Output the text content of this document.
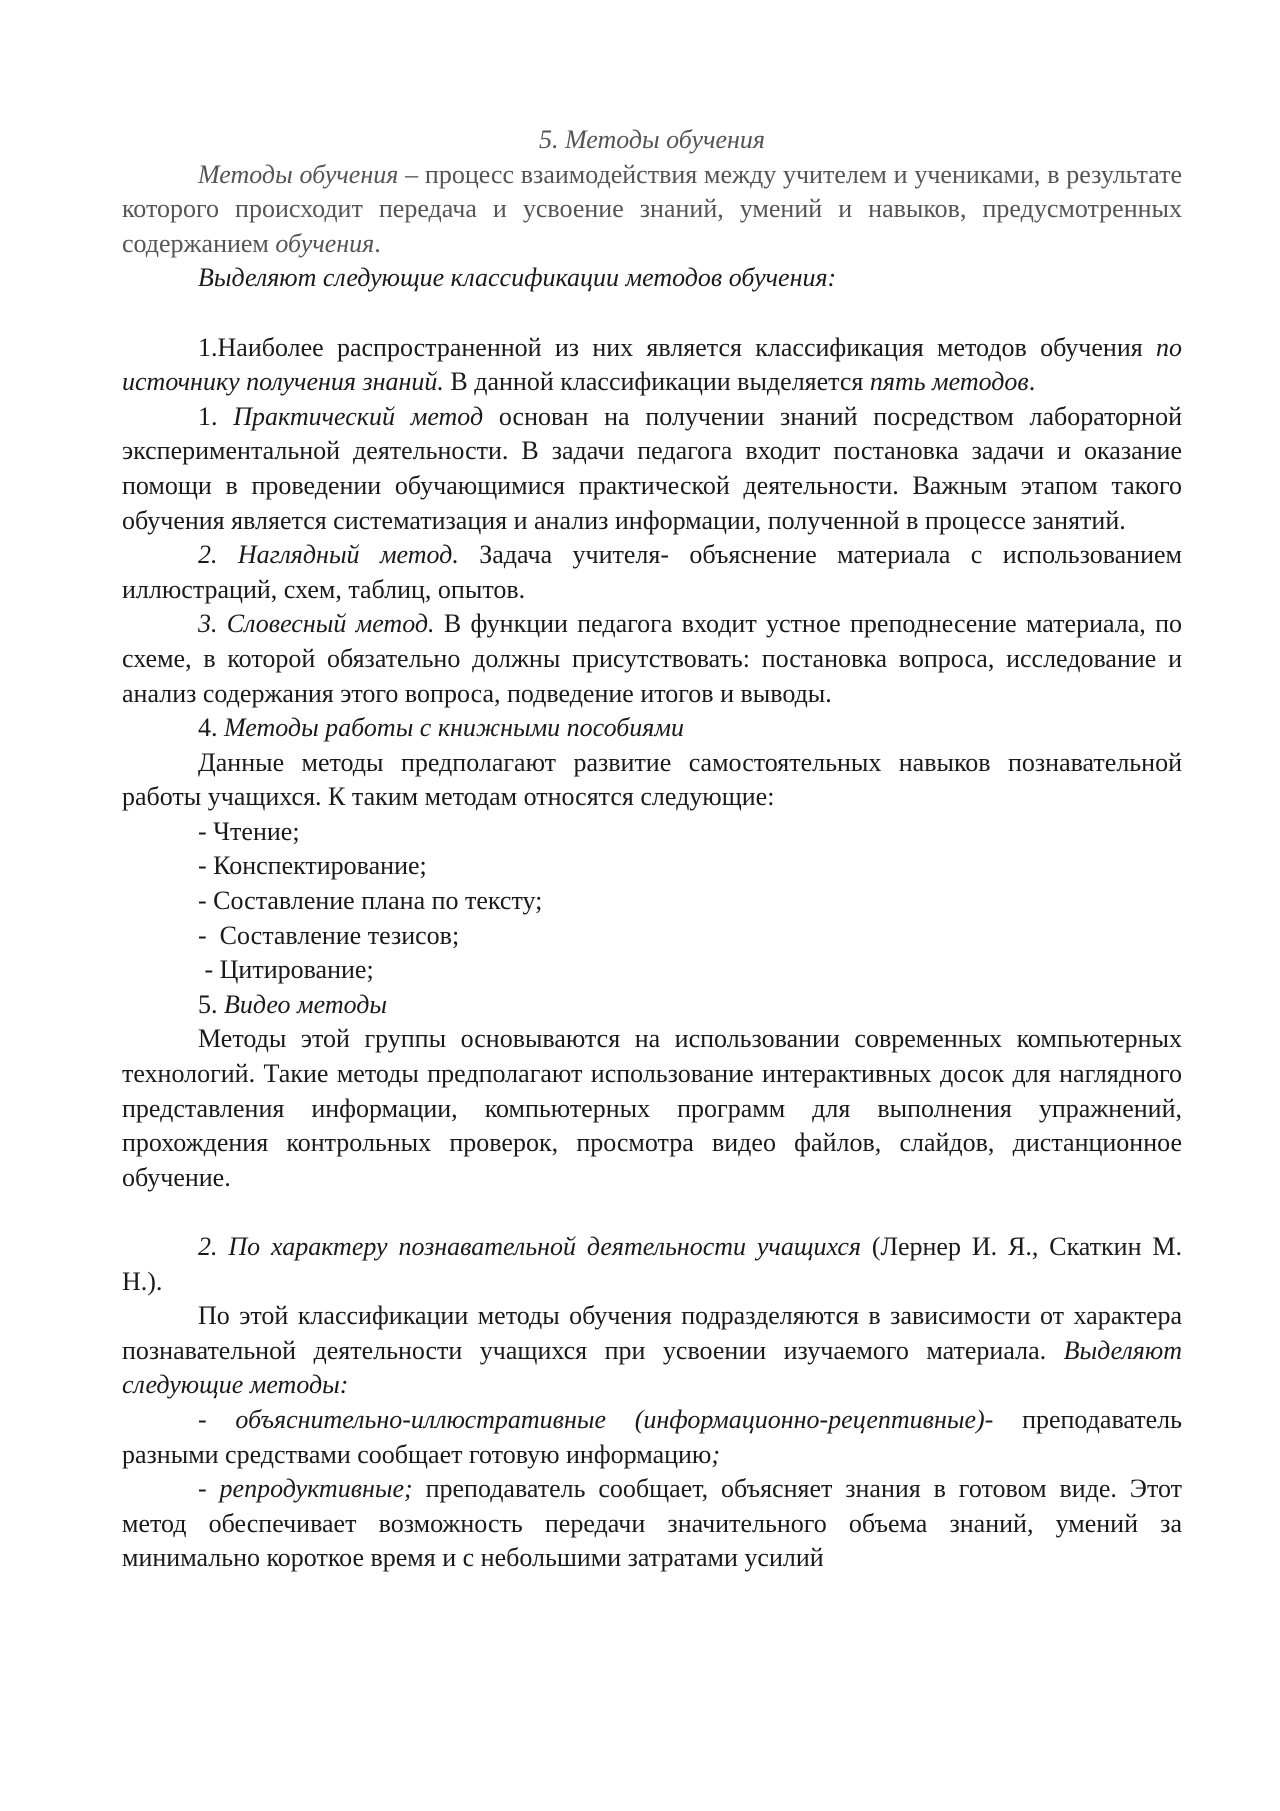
5. Методы обучения

Методы обучения – процесс взаимодействия между учителем и учениками, в результате которого происходит передача и усвоение знаний, умений и навыков, предусмотренных содержанием обучения.

Выделяют следующие классификации методов обучения:

1.Наиболее распространенной из них является классификация методов обучения по источнику получения знаний. В данной классификации выделяется пять методов.

1. Практический метод основан на получении знаний посредством лабораторной экспериментальной деятельности. В задачи педагога входит постановка задачи и оказание помощи в проведении обучающимися практической деятельности. Важным этапом такого обучения является систематизация и анализ информации, полученной в процессе занятий.

2. Наглядный метод. Задача учителя- объяснение материала с использованием иллюстраций, схем, таблиц, опытов.

3. Словесный метод. В функции педагога входит устное преподнесение материала, по схеме, в которой обязательно должны присутствовать: постановка вопроса, исследование и анализ содержания этого вопроса, подведение итогов и выводы.

4. Методы работы с книжными пособиями

Данные методы предполагают развитие самостоятельных навыков познавательной работы учащихся. К таким методам относятся следующие:

- Чтение;

- Конспектирование;

- Составление плана по тексту;

-  Составление тезисов;

- Цитирование;

5. Видео методы

Методы этой группы основываются на использовании современных компьютерных технологий. Такие методы предполагают использование интерактивных досок для наглядного представления информации, компьютерных программ для выполнения упражнений, прохождения контрольных проверок, просмотра видео файлов, слайдов, дистанционное обучение.

2. По характеру познавательной деятельности учащихся (Лернер И. Я., Скаткин М. Н.).

По этой классификации методы обучения подразделяются в зависимости от характера познавательной деятельности учащихся при усвоении изучаемого материала. Выделяют следующие методы:

- объяснительно-иллюстративные (информационно-рецептивные)- преподаватель разными средствами сообщает готовую информацию;

- репродуктивные; преподаватель сообщает, объясняет знания в готовом виде. Этот метод обеспечивает возможность передачи значительного объема знаний, умений за минимально короткое время и с небольшими затратами усилий
